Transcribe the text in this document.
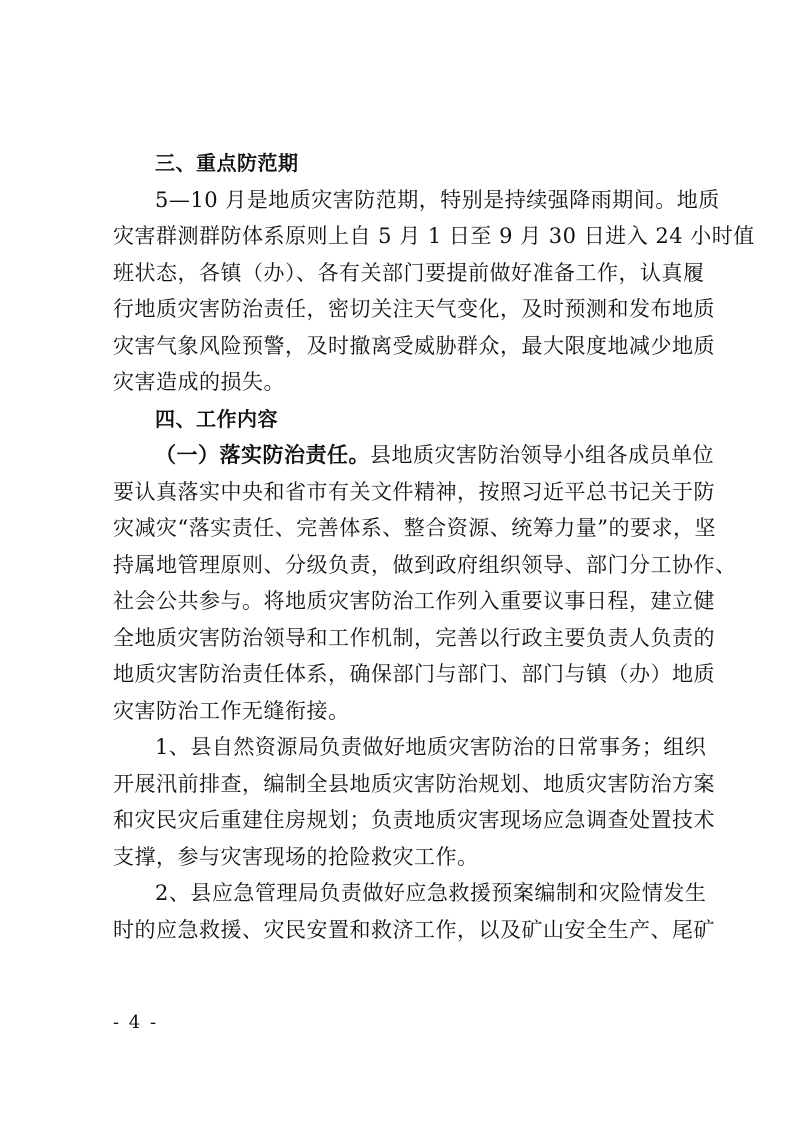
三、重点防范期
5—10 月是地质灾害防范期，特别是持续强降雨期间。地质
灾害群测群防体系原则上自 5 月 1 日至 9 月 30 日进入 24 小时值
班状态，各镇（办）、各有关部门要提前做好准备工作，认真履
行地质灾害防治责任，密切关注天气变化，及时预测和发布地质
灾害气象风险预警，及时撤离受威胁群众，最大限度地减少地质
灾害造成的损失。
四、工作内容
（一）落实防治责任。县地质灾害防治领导小组各成员单位
要认真落实中央和省市有关文件精神，按照习近平总书记关于防
灾减灾“落实责任、完善体系、整合资源、统筹力量”的要求，坚
持属地管理原则、分级负责，做到政府组织领导、部门分工协作、
社会公共参与。将地质灾害防治工作列入重要议事日程，建立健
全地质灾害防治领导和工作机制，完善以行政主要负责人负责的
地质灾害防治责任体系，确保部门与部门、部门与镇（办）地质
灾害防治工作无缝衔接。
1、县自然资源局负责做好地质灾害防治的日常事务；组织
开展汛前排查，编制全县地质灾害防治规划、地质灾害防治方案
和灾民灾后重建住房规划；负责地质灾害现场应急调查处置技术
支撑，参与灾害现场的抢险救灾工作。
2、县应急管理局负责做好应急救援预案编制和灾险情发生
时的应急救援、灾民安置和救济工作，以及矿山安全生产、尾矿
- 4 -
